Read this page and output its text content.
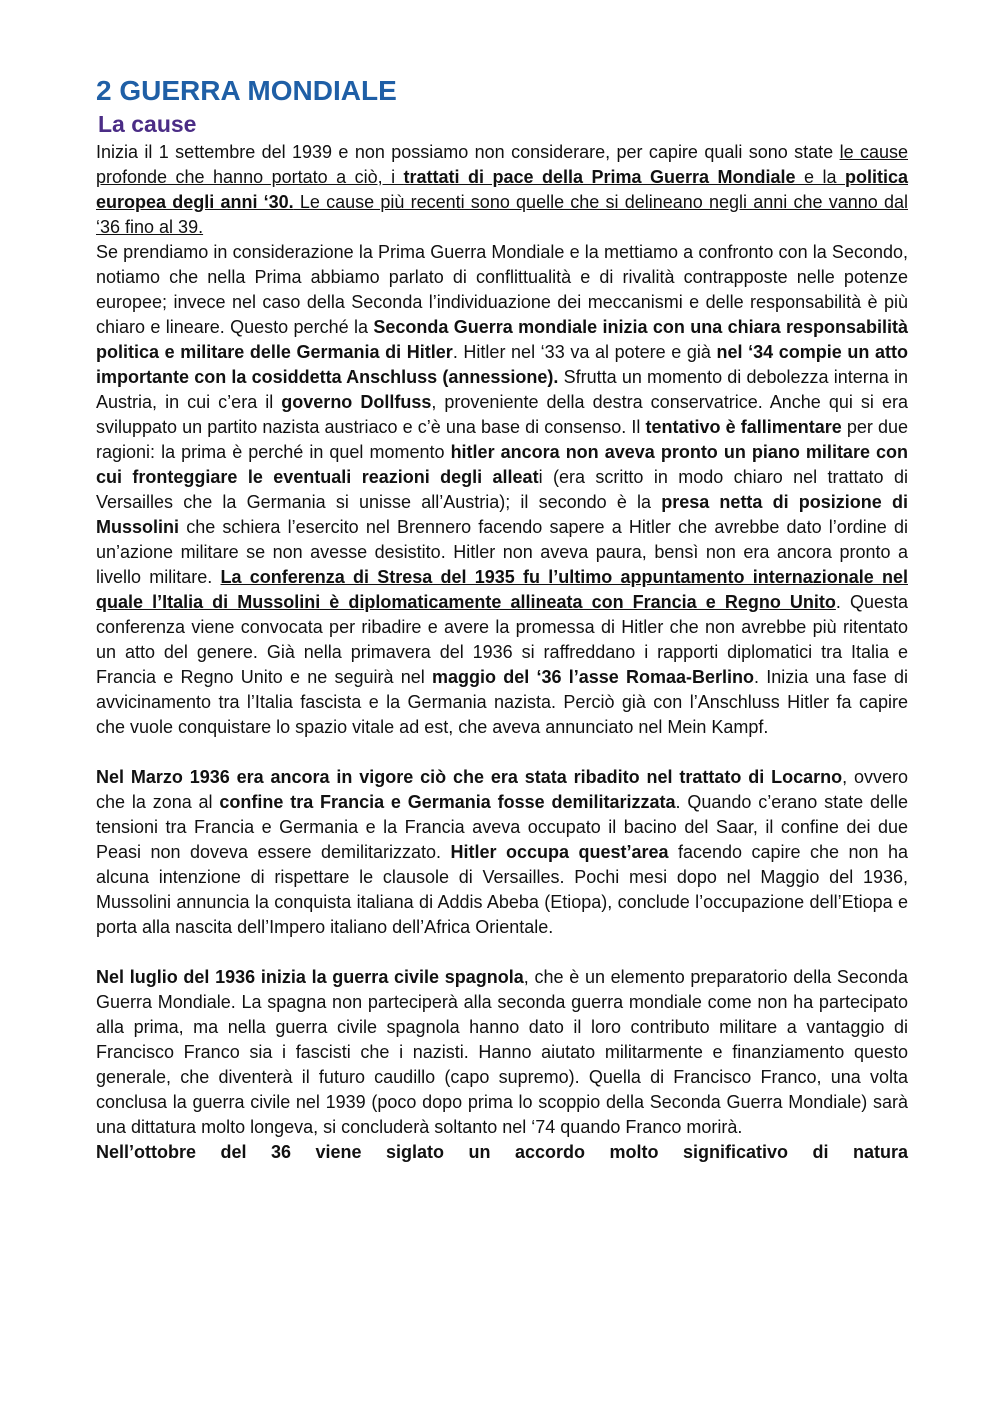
2 GUERRA MONDIALE
La cause

Inizia il 1 settembre del 1939 e non possiamo non considerare, per capire quali sono state le cause profonde che hanno portato a ciò, i trattati di pace della Prima Guerra Mondiale e la politica europea degli anni ‘30. Le cause più recenti sono quelle che si delineano negli anni che vanno dal ‘36 fino al 39.

Se prendiamo in considerazione la Prima Guerra Mondiale e la mettiamo a confronto con la Secondo, notiamo che nella Prima abbiamo parlato di conflittualità e di rivalità contrapposte nelle potenze europee; invece nel caso della Seconda l’individuazione dei meccanismi e delle responsabilità è più chiaro e lineare. Questo perché la Seconda Guerra mondiale inizia con una chiara responsabilità politica e militare delle Germania di Hitler. Hitler nel ‘33 va al potere e già nel ‘34 compie un atto importante con la cosiddetta Anschluss (annessione). Sfrutta un momento di debolezza interna in Austria, in cui c’era il governo Dollfuss, proveniente della destra conservatrice. Anche qui si era sviluppato un partito nazista austriaco e c’è una base di consenso. Il tentativo è fallimentare per due ragioni: la prima è perché in quel momento hitler ancora non aveva pronto un piano militare con cui fronteggiare le eventuali reazioni degli alleati (era scritto in modo chiaro nel trattato di Versailles che la Germania si unisse all’Austria); il secondo è la presa netta di posizione di Mussolini che schiera l’esercito nel Brennero facendo sapere a Hitler che avrebbe dato l’ordine di un’azione militare se non avesse desistito. Hitler non aveva paura, bensì non era ancora pronto a livello militare. La conferenza di Stresa del 1935 fu l’ultimo appuntamento internazionale nel quale l’Italia di Mussolini è diplomaticamente allineata con Francia e Regno Unito. Questa conferenza viene convocata per ribadire e avere la promessa di Hitler che non avrebbe più ritentato un atto del genere. Già nella primavera del 1936 si raffreddano i rapporti diplomatici tra Italia e Francia e Regno Unito e ne seguirà nel maggio del ‘36 l’asse Romaa-Berlino. Inizia una fase di avvicinamento tra l’Italia fascista e la Germania nazista. Perciò già con l’Anschluss Hitler fa capire che vuole conquistare lo spazio vitale ad est, che aveva annunciato nel Mein Kampf.

Nel Marzo 1936 era ancora in vigore ciò che era stata ribadito nel trattato di Locarno, ovvero che la zona al confine tra Francia e Germania fosse demilitarizzata. Quando c’erano state delle tensioni tra Francia e Germania e la Francia aveva occupato il bacino del Saar, il confine dei due Peasi non doveva essere demilitarizzato. Hitler occupa quest’area facendo capire che non ha alcuna intenzione di rispettare le clausole di Versailles. Pochi mesi dopo nel Maggio del 1936, Mussolini annuncia la conquista italiana di Addis Abeba (Etiopa), conclude l’occupazione dell’Etiopa e porta alla nascita dell’Impero italiano dell’Africa Orientale.

Nel luglio del 1936 inizia la guerra civile spagnola, che è un elemento preparatorio della Seconda Guerra Mondiale. La spagna non parteciperà alla seconda guerra mondiale come non ha partecipato alla prima, ma nella guerra civile spagnola hanno dato il loro contributo militare a vantaggio di Francisco Franco sia i fascisti che i nazisti. Hanno aiutato militarmente e finanziamento questo generale, che diventerà il futuro caudillo (capo supremo). Quella di Francisco Franco, una volta conclusa la guerra civile nel 1939 (poco dopo prima lo scoppio della Seconda Guerra Mondiale) sarà una dittatura molto longeva, si concluderà soltanto nel ‘74 quando Franco morirà.

Nell’ottobre del 36 viene siglato un accordo molto significativo di natura
